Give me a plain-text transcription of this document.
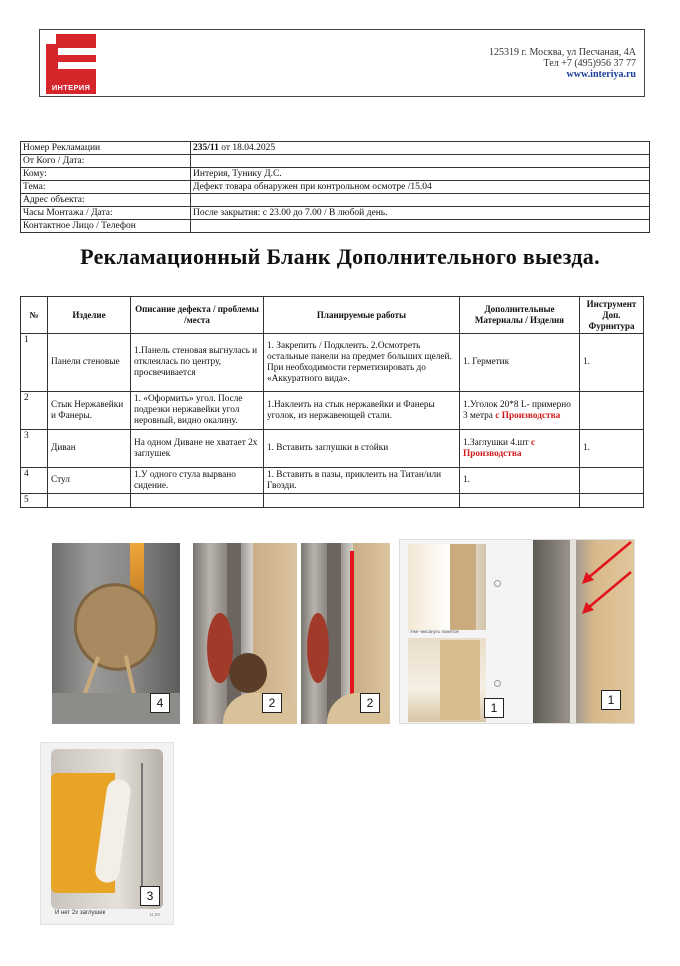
ИНТЕРИЯ
125319 г. Москва, ул Песчаная, 4А
Тел +7 (495)956 37 77
www.interiya.ru
Номер Рекламации	235/11 от 18.04.2025
От Кого / Дата:	
Кому:	Интерия, Тунику Д.С.
Тема:	Дефект товара обнаружен при контрольном осмотре /15.04
Адрес объекта:	
Часы Монтажа / Дата:	После закрытия: с 23.00 до 7.00 / В любой день.
Контактное Лицо / Телефон	
Рекламационный Бланк Дополнительного выезда.
№	Изделие	Описание дефекта / проблемы /места	Планируемые работы	Дополнительные Материалы / Изделия	Инструмент Доп. Фурнитура
1	Панели стеновые	1.Панель стеновая выгнулась и отклеилась по центру, просвечивается	1. Закрепить / Подклеить. 2.Осмотреть остальные панели на предмет больших щелей. При необходимости герметизировать до «Аккуратного вида».	1. Герметик	1.
2	Стык Нержавейки и Фанеры.	1. «Оформить» угол. После подрезки нержавейки угол неровный, видно окалину.	1.Наклеить на стык нержавейки и Фанеры уголок, из нержавеющей стали.	1.Уголок 20*8 L- примерно 3 метра с Производства	
3	Диван	На одном Диване не хватает 2х заглушек	1. Вставить заглушки в стойки	1.Заглушки 4.шт с Производства	1.
4	Стул	1.У одного стула вырвано сидение.	1. Вставить в пазы, приклеить на Титан/или Гвозди.	1.	
5					
4	2	2
Уже чиксануть помятое
1
1
И нет 2х заглушек	11:59
3
